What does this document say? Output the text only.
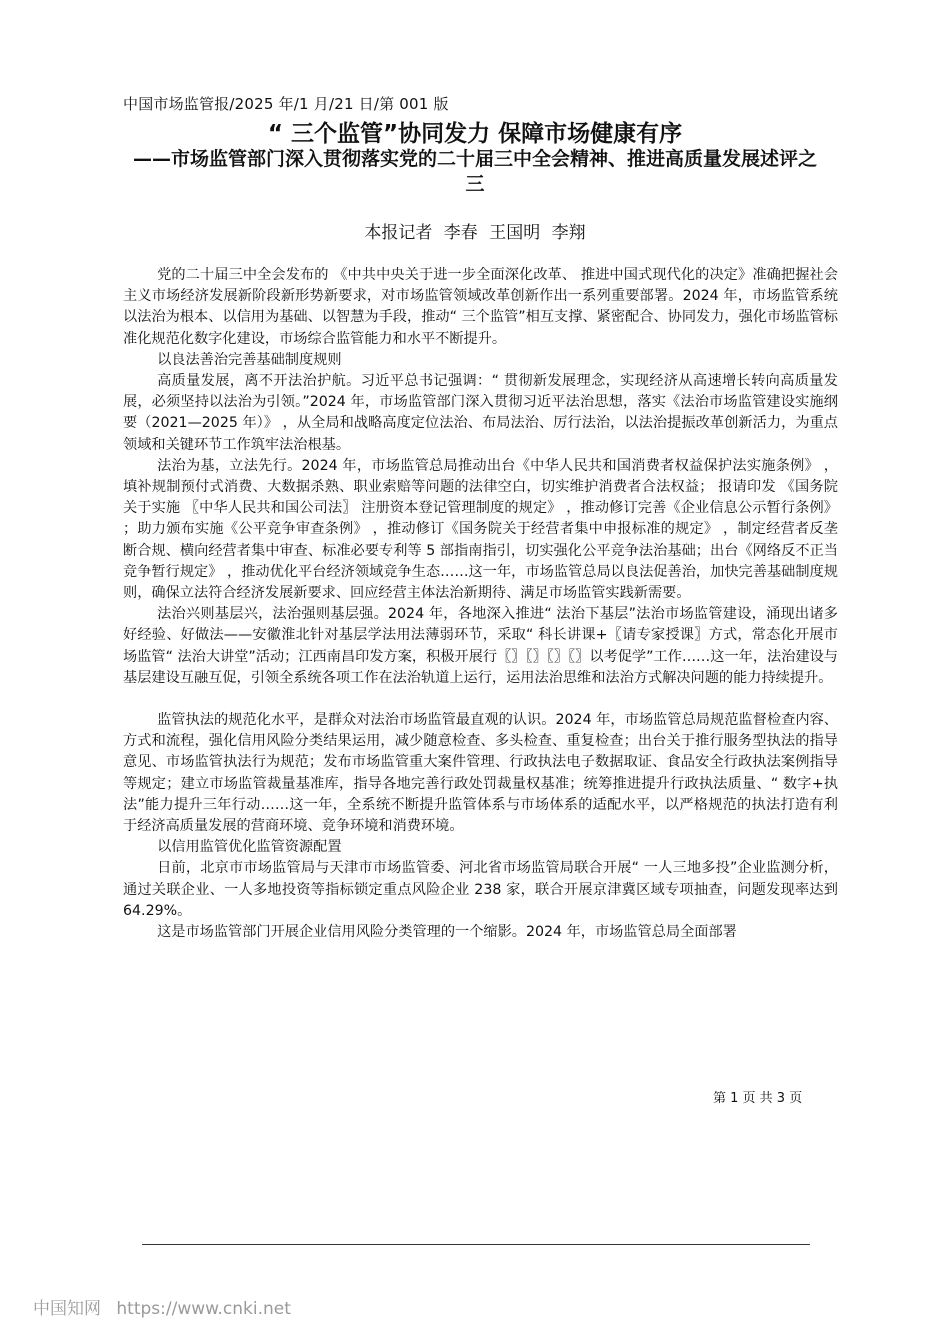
中国市场监管报/2025 年/1 月/21 日/第 001 版
“ 三个监管”协同发力 保障市场健康有序
——市场监管部门深入贯彻落实党的二十届三中全会精神、推进高质量发展述评之三
本报记者 李春 王国明 李翔

党的二十届三中全会发布的 《中共中央关于进一步全面深化改革、 推进中国式现代化的决定》准确把握社会主义市场经济发展新阶段新形势新要求，对市场监管领域改革创新作出一系列重要部署。2024 年，市场监管系统以法治为根本、以信用为基础、以智慧为手段，推动“ 三个监管”相互支撑、紧密配合、协同发力，强化市场监管标准化规范化数字化建设，市场综合监管能力和水平不断提升。

以良法善治完善基础制度规则

高质量发展，离不开法治护航。习近平总书记强调：“ 贯彻新发展理念，实现经济从高速增长转向高质量发展，必须坚持以法治为引领。”2024 年，市场监管部门深入贯彻习近平法治思想，落实《法治市场监管建设实施纲要（2021—2025 年）》 ，从全局和战略高度定位法治、布局法治、厉行法治，以法治提振改革创新活力，为重点领域和关键环节工作筑牢法治根基。

法治为基，立法先行。2024 年，市场监管总局推动出台《中华人民共和国消费者权益保护法实施条例》 ，填补规制预付式消费、大数据杀熟、职业索赔等问题的法律空白，切实维护消费者合法权益； 报请印发 《国务院关于实施 〖中华人民共和国公司法〗 注册资本登记管理制度的规定》 ，推动修订完善《企业信息公示暂行条例》 ；助力颁布实施《公平竞争审查条例》 ，推动修订《国务院关于经营者集中申报标准的规定》 ，制定经营者反垄断合规、横向经营者集中审查、标准必要专利等 5 部指南指引，切实强化公平竞争法治基础；出台《网络反不正当竞争暂行规定》 ，推动优化平台经济领域竞争生态……这一年，市场监管总局以良法促善治，加快完善基础制度规则，确保立法符合经济发展新要求、回应经营主体法治新期待、满足市场监管实践新需要。

法治兴则基层兴，法治强则基层强。2024 年，各地深入推进“ 法治下基层”法治市场监管建设，涌现出诸多好经验、好做法——安徽淮北针对基层学法用法薄弱环节，采取“ 科长讲课+〖请专家授课〗方式，常态化开展市场监管“ 法治大讲堂”活动；江西南昌印发方案，积极开展行〖〗〖〗〖〗〖〗以考促学”工作……这一年，法治建设与基层建设互融互促，引领全系统各项工作在法治轨道上运行，运用法治思维和法治方式解决问题的能力持续提升。

监管执法的规范化水平，是群众对法治市场监管最直观的认识。2024 年，市场监管总局规范监督检查内容、方式和流程，强化信用风险分类结果运用，减少随意检查、多头检查、重复检查；出台关于推行服务型执法的指导意见、市场监管执法行为规范；发布市场监管重大案件管理、行政执法电子数据取证、食品安全行政执法案例指导等规定；建立市场监管裁量基准库，指导各地完善行政处罚裁量权基准；统筹推进提升行政执法质量、“ 数字+执法”能力提升三年行动……这一年，全系统不断提升监管体系与市场体系的适配水平，以严格规范的执法打造有利于经济高质量发展的营商环境、竞争环境和消费环境。

以信用监管优化监管资源配置

日前，北京市市场监管局与天津市市场监管委、河北省市场监管局联合开展“ 一人三地多投”企业监测分析，通过关联企业、一人多地投资等指标锁定重点风险企业 238 家，联合开展京津冀区域专项抽查，问题发现率达到 64.29%。

这是市场监管部门开展企业信用风险分类管理的一个缩影。2024 年，市场监管总局全面部署

第 1 页 共 3 页
中国知网 https://www.cnki.net
